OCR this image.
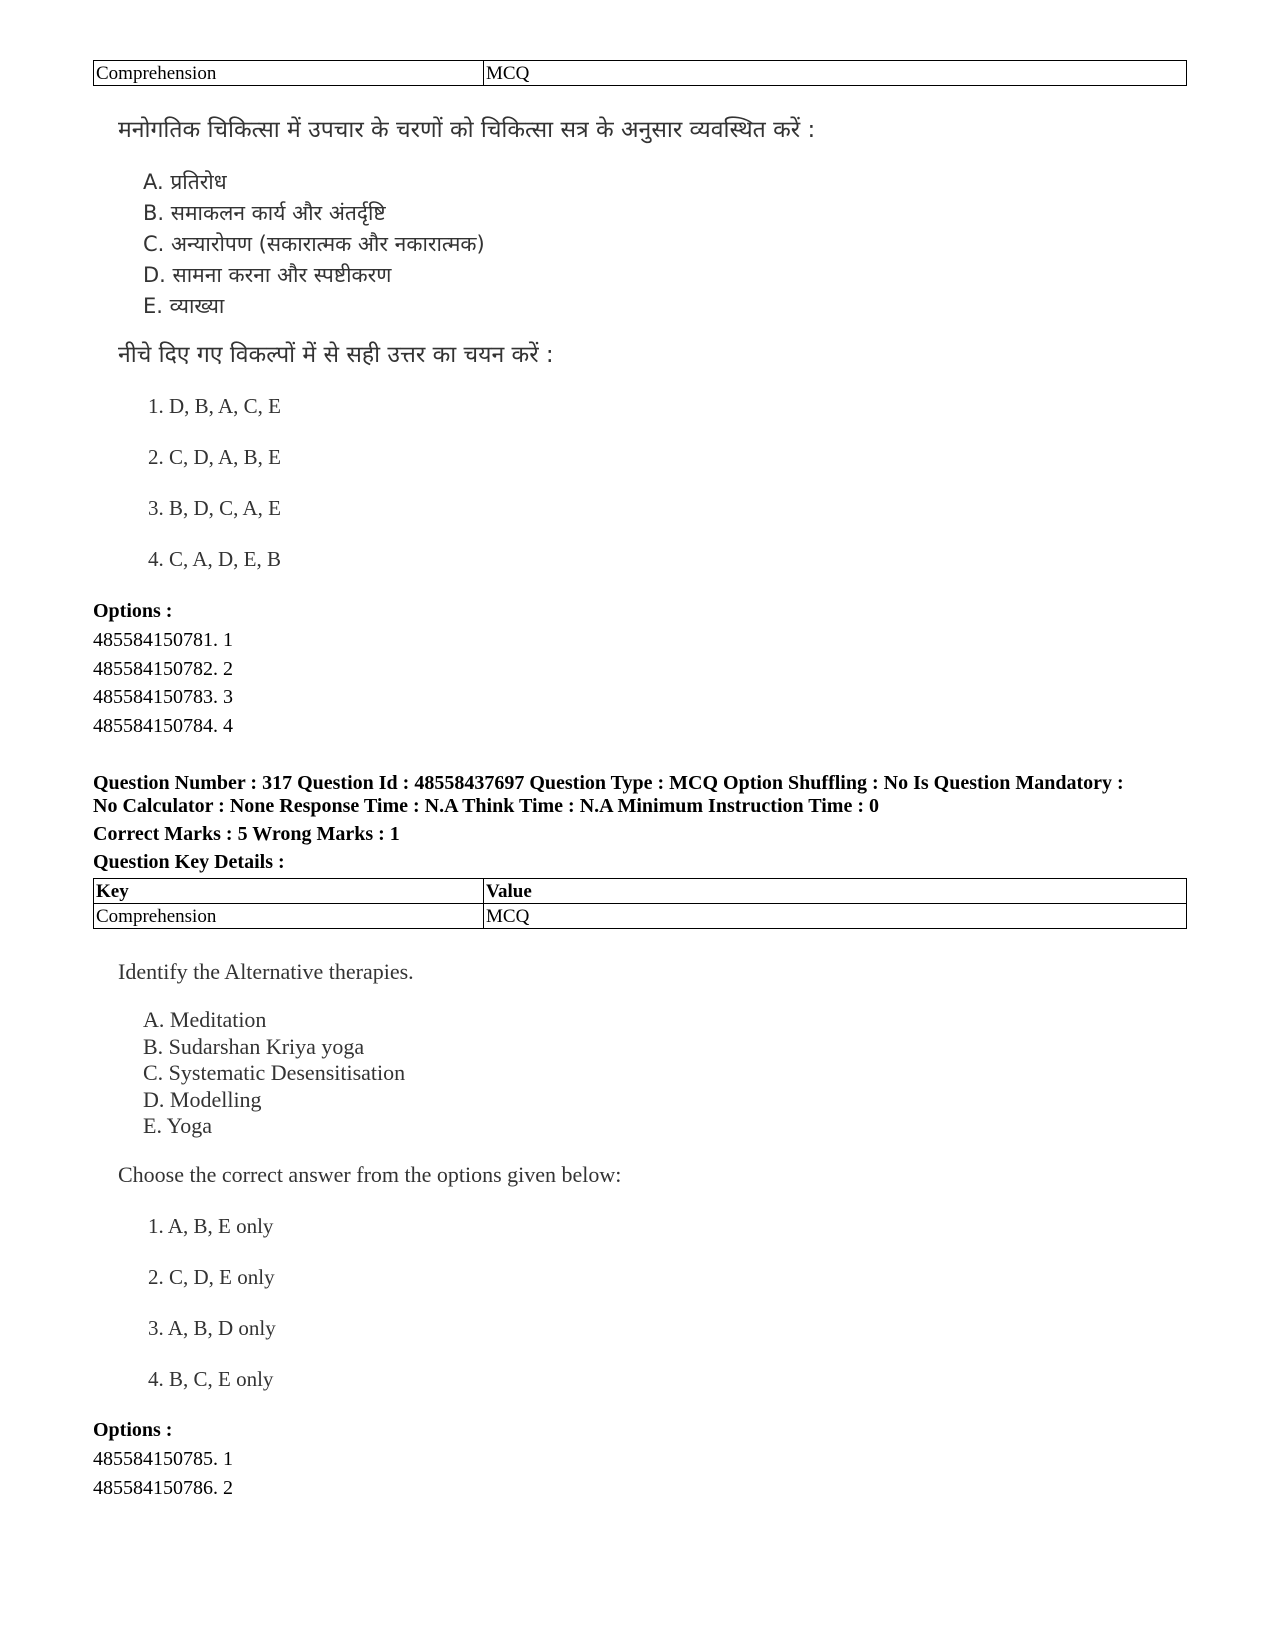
Comprehension	MCQ
मनोगतिक चिकित्सा में उपचार के चरणों को चिकित्सा सत्र के अनुसार व्यवस्थित करें :
A. प्रतिरोध
B. समाकलन कार्य और अंतर्दृष्टि
C. अन्यारोपण (सकारात्मक और नकारात्मक)
D. सामना करना और स्पष्टीकरण
E. व्याख्या
नीचे दिए गए विकल्पों में से सही उत्तर का चयन करें :
1. D, B, A, C, E
2. C, D, A, B, E
3. B, D, C, A, E
4. C, A, D, E, B
Options :
485584150781. 1
485584150782. 2
485584150783. 3
485584150784. 4
Question Number : 317 Question Id : 48558437697 Question Type : MCQ Option Shuffling : No Is Question Mandatory :
No Calculator : None Response Time : N.A Think Time : N.A Minimum Instruction Time : 0
Correct Marks : 5 Wrong Marks : 1
Question Key Details :
Key	Value
Comprehension	MCQ
Identify the Alternative therapies.
A. Meditation
B. Sudarshan Kriya yoga
C. Systematic Desensitisation
D. Modelling
E. Yoga
Choose the correct answer from the options given below:
1. A, B, E only
2. C, D, E only
3. A, B, D only
4. B, C, E only
Options :
485584150785. 1
485584150786. 2
